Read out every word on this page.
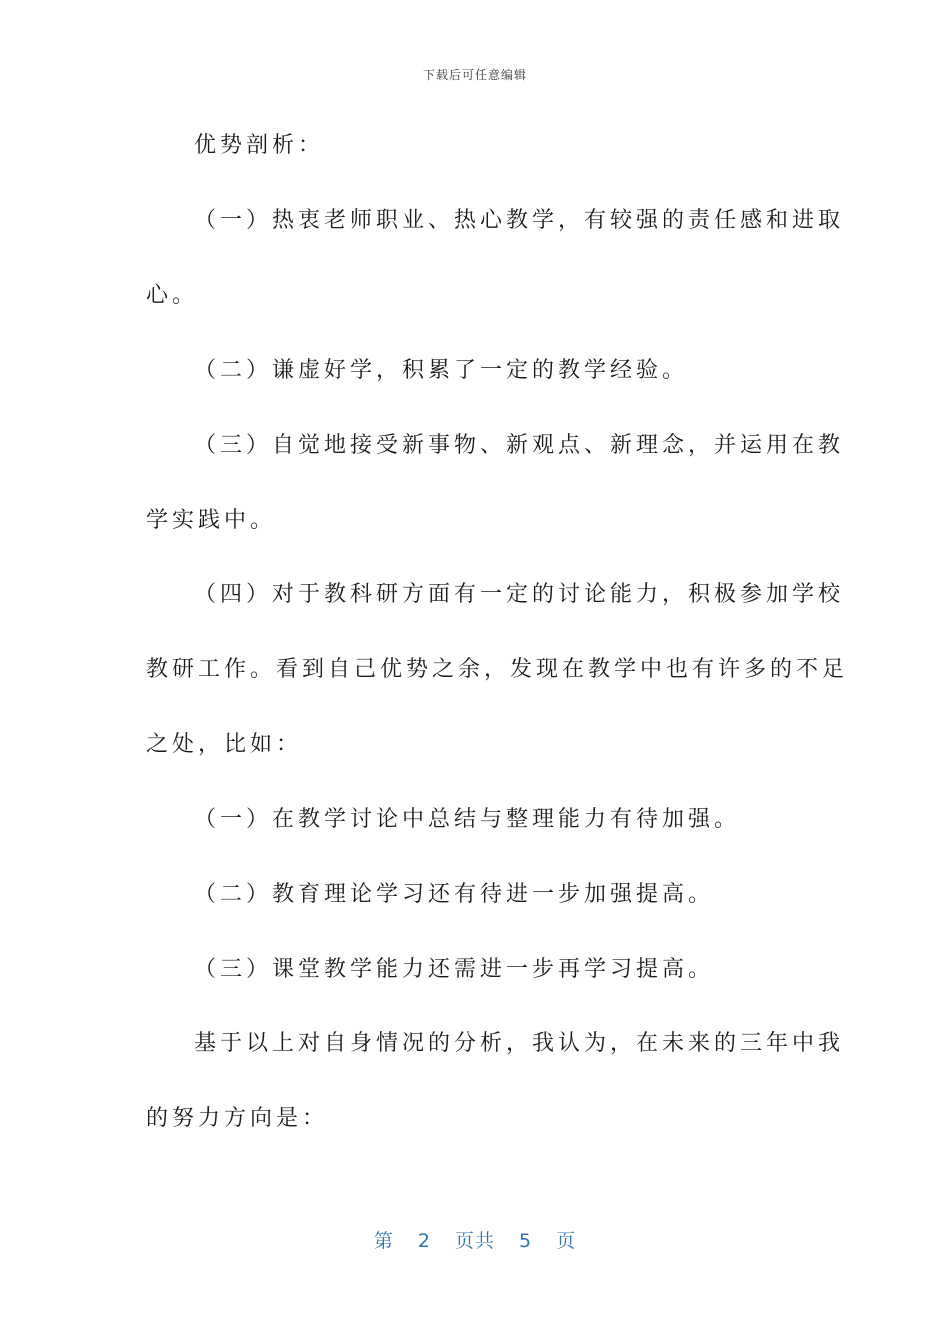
下载后可任意编辑

优势剖析：

（一）热衷老师职业、热心教学，有较强的责任感和进取

心。

（二）谦虚好学，积累了一定的教学经验。

（三）自觉地接受新事物、新观点、新理念，并运用在教

学实践中。

（四）对于教科研方面有一定的讨论能力，积极参加学校

教研工作。看到自己优势之余，发现在教学中也有许多的不足

之处，比如：

（一）在教学讨论中总结与整理能力有待加强。

（二）教育理论学习还有待进一步加强提高。

（三）课堂教学能力还需进一步再学习提高。

基于以上对自身情况的分析，我认为，在未来的三年中我

的努力方向是：

第 2 页共 5 页
